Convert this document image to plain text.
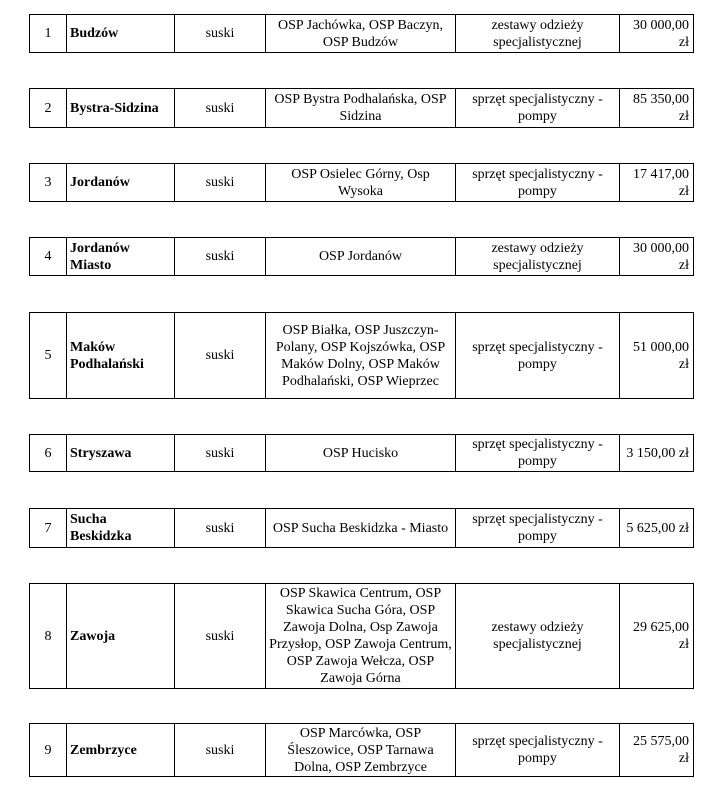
1	Budzów	suski	OSP Jachówka, OSP Baczyn, OSP Budzów	zestawy odzieży specjalistycznej	30 000,00 zł
2	Bystra-Sidzina	suski	OSP Bystra Podhalańska, OSP Sidzina	sprzęt specjalistyczny - pompy	85 350,00 zł
3	Jordanów	suski	OSP Osielec Górny, Osp Wysoka	sprzęt specjalistyczny - pompy	17 417,00 zł
4	Jordanów Miasto	suski	OSP Jordanów	zestawy odzieży specjalistycznej	30 000,00 zł
5	Maków Podhalański	suski	OSP Białka, OSP Juszczyn-Polany, OSP Kojszówka, OSP Maków Dolny, OSP Maków Podhalański, OSP Wieprzec	sprzęt specjalistyczny - pompy	51 000,00 zł
6	Stryszawa	suski	OSP Hucisko	sprzęt specjalistyczny - pompy	3 150,00 zł
7	Sucha Beskidzka	suski	OSP Sucha Beskidzka - Miasto	sprzęt specjalistyczny - pompy	5 625,00 zł
8	Zawoja	suski	OSP Skawica Centrum, OSP Skawica Sucha Góra, OSP Zawoja Dolna, Osp Zawoja Przysłop, OSP Zawoja Centrum, OSP Zawoja Wełcza, OSP Zawoja Górna	zestawy odzieży specjalistycznej	29 625,00 zł
9	Zembrzyce	suski	OSP Marcówka, OSP Śleszowice, OSP Tarnawa Dolna, OSP Zembrzyce	sprzęt specjalistyczny - pompy	25 575,00 zł
